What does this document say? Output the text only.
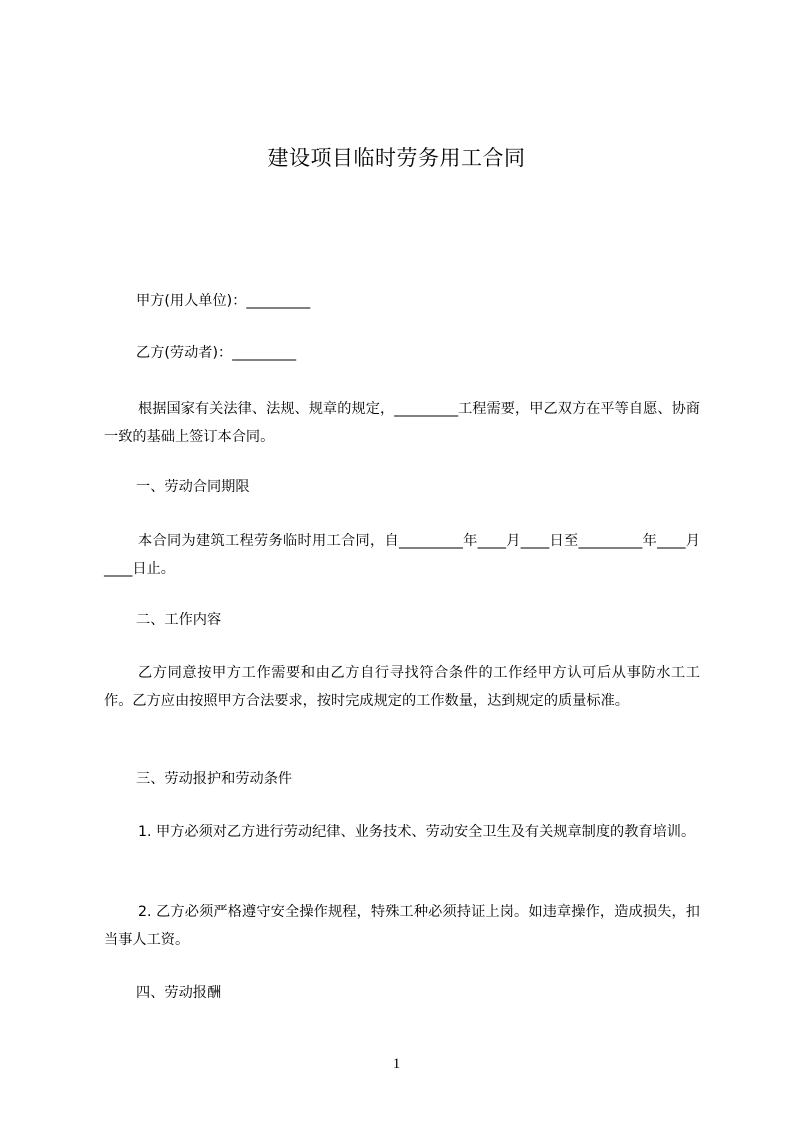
建设项目临时劳务用工合同
甲方(用人单位)：_________
乙方(劳动者)：_________
根据国家有关法律、法规、规章的规定，_________工程需要，甲乙双方在平等自愿、协商一致的基础上签订本合同。
一、劳动合同期限
本合同为建筑工程劳务临时用工合同，自_________年____月____日至_________年____月____日止。
二、工作内容
乙方同意按甲方工作需要和由乙方自行寻找符合条件的工作经甲方认可后从事防水工工作。乙方应由按照甲方合法要求，按时完成规定的工作数量，达到规定的质量标准。
三、劳动报护和劳动条件
1. 甲方必须对乙方进行劳动纪律、业务技术、劳动安全卫生及有关规章制度的教育培训。
2. 乙方必须严格遵守安全操作规程，特殊工种必须持证上岗。如违章操作，造成损失，扣当事人工资。
四、劳动报酬
1
